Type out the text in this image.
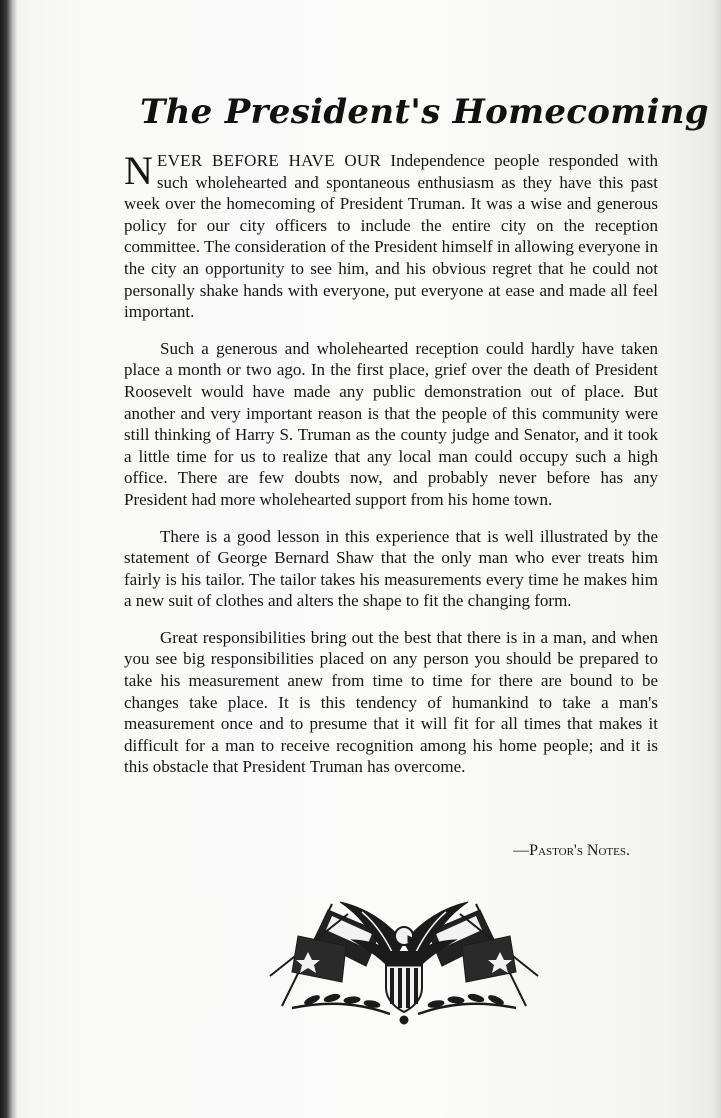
The President's Homecoming

NEVER BEFORE HAVE OUR Independence people responded with such wholehearted and spontaneous enthusiasm as they have this past week over the homecoming of President Truman. It was a wise and generous policy for our city officers to include the entire city on the reception committee. The consideration of the President himself in allowing everyone in the city an opportunity to see him, and his obvious regret that he could not personally shake hands with everyone, put everyone at ease and made all feel important.

Such a generous and wholehearted reception could hardly have taken place a month or two ago. In the first place, grief over the death of President Roosevelt would have made any public demonstration out of place. But another and very important reason is that the people of this community were still thinking of Harry S. Truman as the county judge and Senator, and it took a little time for us to realize that any local man could occupy such a high office. There are few doubts now, and probably never before has any President had more wholehearted support from his home town.

There is a good lesson in this experience that is well illustrated by the statement of George Bernard Shaw that the only man who ever treats him fairly is his tailor. The tailor takes his measurements every time he makes him a new suit of clothes and alters the shape to fit the changing form.

Great responsibilities bring out the best that there is in a man, and when you see big responsibilities placed on any person you should be prepared to take his measurement anew from time to time for there are bound to be changes take place. It is this tendency of humankind to take a man's measurement once and to presume that it will fit for all times that makes it difficult for a man to receive recognition among his home people; and it is this obstacle that President Truman has overcome.

—Pastor's Notes.
